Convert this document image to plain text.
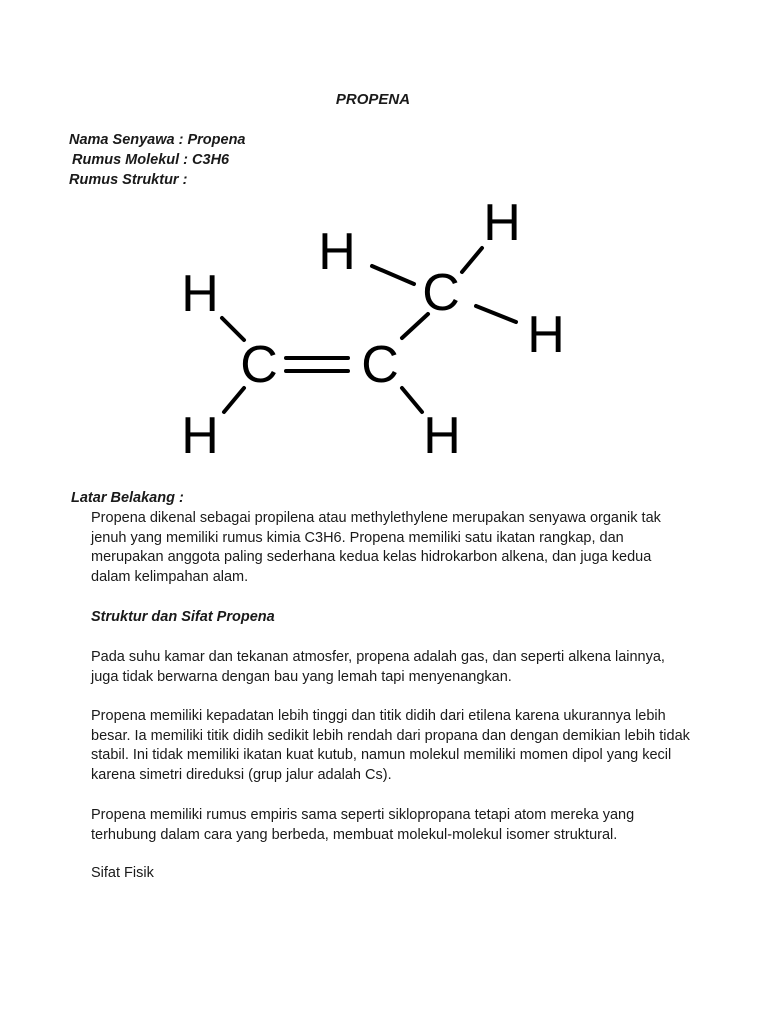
PROPENA
Nama Senyawa : Propena
Rumus Molekul : C3H6
Rumus Struktur :
H
C
H
C
H
C
H H
H
Latar Belakang :
Propena dikenal sebagai propilena atau methylethylene merupakan senyawa organik tak jenuh yang memiliki rumus kimia C3H6. Propena memiliki satu ikatan rangkap, dan merupakan anggota paling sederhana kedua kelas hidrokarbon alkena, dan juga kedua dalam kelimpahan alam.
Struktur dan Sifat Propena
Pada suhu kamar dan tekanan atmosfer, propena adalah gas, dan seperti alkena lainnya, juga tidak berwarna dengan bau yang lemah tapi menyenangkan.
Propena memiliki kepadatan lebih tinggi dan titik didih dari etilena karena ukurannya lebih besar. Ia memiliki titik didih sedikit lebih rendah dari propana dan dengan demikian lebih tidak stabil. Ini tidak memiliki ikatan kuat kutub, namun molekul memiliki momen dipol yang kecil karena simetri direduksi (grup jalur adalah Cs).
Propena memiliki rumus empiris sama seperti siklopropana tetapi atom mereka yang terhubung dalam cara yang berbeda, membuat molekul-molekul isomer struktural.
Sifat Fisik
